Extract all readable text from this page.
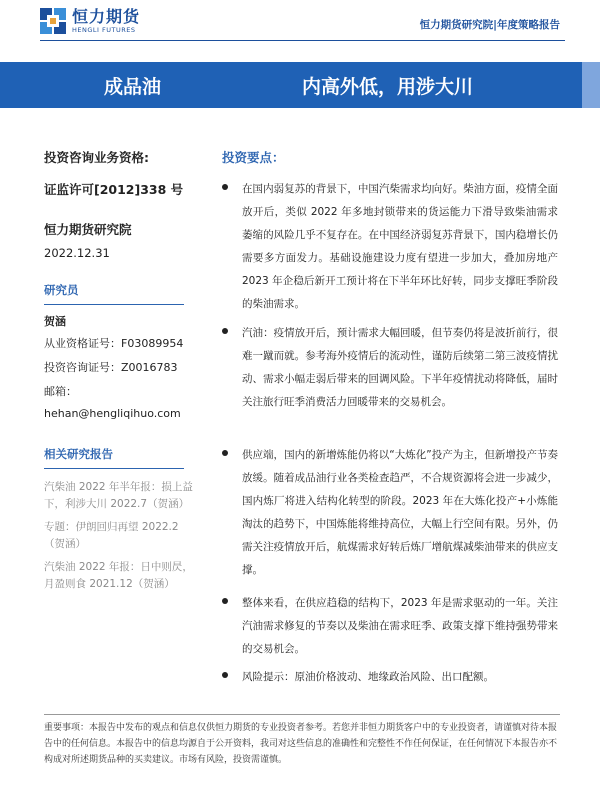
恒力期货
HENGLI FUTURES	恒力期货研究院|年度策略报告
成品油	内高外低，用涉大川
投资咨询业务资格:
证监许可[2012]338 号
恒力期货研究院
2022.12.31
研究员
贺涵
从业资格证号：F03089954
投资咨询证号：Z0016783
邮箱：
hehan@hengliqihuo.com
相关研究报告
汽柴油 2022 年半年报：损上益下，利涉大川 2022.7（贺涵）
专题：伊朗回归再望 2022.2（贺涵）
汽柴油 2022 年报：日中则昃，月盈则食 2021.12（贺涵）
投资要点：
在国内弱复苏的背景下，中国汽柴需求均向好。柴油方面，疫情全面放开后，类似 2022 年多地封锁带来的货运能力下滑导致柴油需求萎缩的风险几乎不复存在。在中国经济弱复苏背景下，国内稳增长仍需要多方面发力。基础设施建设力度有望进一步加大，叠加房地产 2023 年企稳后新开工预计将在下半年环比好转，同步支撑旺季阶段的柴油需求。
汽油：疫情放开后，预计需求大幅回暖，但节奏仍将是波折前行，很难一蹴而就。参考海外疫情后的流动性，谨防后续第二第三波疫情扰动、需求小幅走弱后带来的回调风险。下半年疫情扰动将降低，届时关注旅行旺季消费活力回暖带来的交易机会。
供应端，国内的新增炼能仍将以“大炼化”投产为主，但新增投产节奏放缓。随着成品油行业各类检查趋严，不合规资源将会进一步减少，国内炼厂将进入结构化转型的阶段。2023 年在大炼化投产+小炼能淘汰的趋势下，中国炼能将维持高位，大幅上行空间有限。另外，仍需关注疫情放开后，航煤需求好转后炼厂增航煤减柴油带来的供应支撑。
整体来看，在供应趋稳的结构下，2023 年是需求驱动的一年。关注汽油需求修复的节奏以及柴油在需求旺季、政策支撑下维持强势带来的交易机会。
风险提示：原油价格波动、地缘政治风险、出口配额。
重要事项：本报告中发布的观点和信息仅供恒力期货的专业投资者参考。若您并非恒力期货客户中的专业投资者，请谨慎对待本报告中的任何信息。本报告中的信息均源自于公开资料，我司对这些信息的准确性和完整性不作任何保证，在任何情况下本报告亦不构成对所述期货品种的买卖建议。市场有风险，投资需谨慎。
